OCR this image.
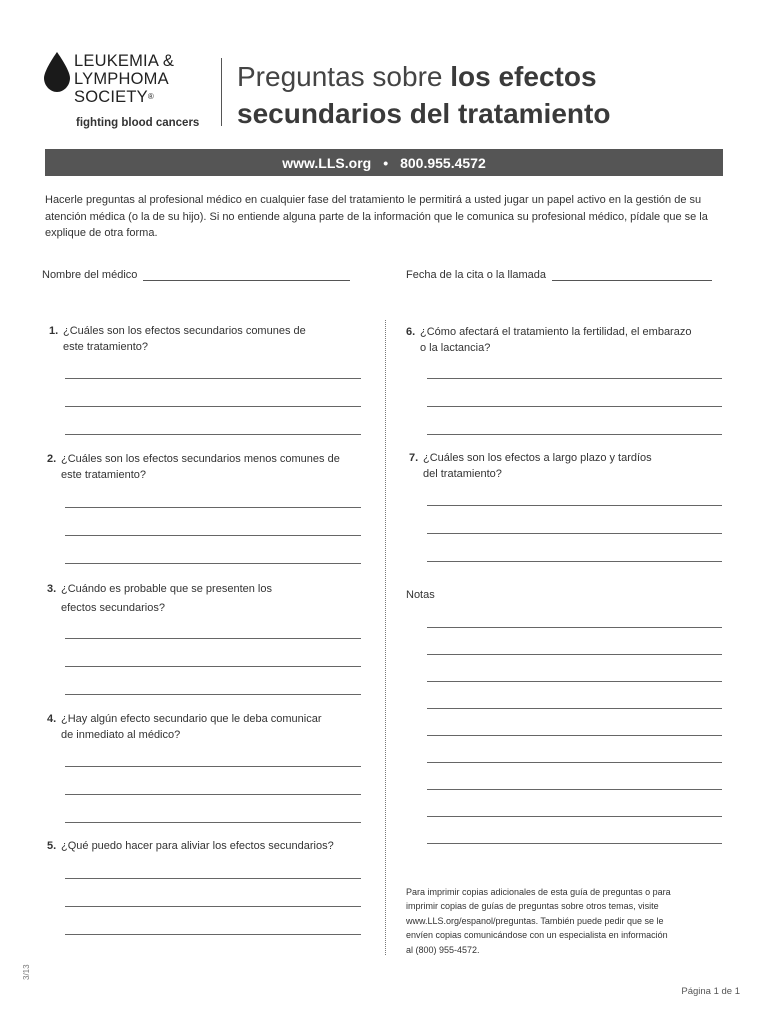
LEUKEMIA &
LYMPHOMA
SOCIETY®
fighting blood cancers
Preguntas sobre los efectos
secundarios del tratamiento
www.LLS.org • 800.955.4572

Hacerle preguntas al profesional médico en cualquier fase del tratamiento le permitirá a usted jugar un papel activo en la gestión de su atención médica (o la de su hijo). Si no entiende alguna parte de la información que le comunica su profesional médico, pídale que se la explique de otra forma.

Nombre del médico	Fecha de la cita o la llamada
1. ¿Cuáles son los efectos secundarios comunes de
este tratamiento?
2. ¿Cuáles son los efectos secundarios menos comunes de
este tratamiento?
3. ¿Cuándo es probable que se presenten los
efectos secundarios?
4. ¿Hay algún efecto secundario que le deba comunicar
de inmediato al médico?
5. ¿Qué puedo hacer para aliviar los efectos secundarios?
6. ¿Cómo afectará el tratamiento la fertilidad, el embarazo
o la lactancia?
7. ¿Cuáles son los efectos a largo plazo y tardíos
del tratamiento?
Notas
Para imprimir copias adicionales de esta guía de preguntas o para
imprimir copias de guías de preguntas sobre otros temas, visite
www.LLS.org/espanol/preguntas. También puede pedir que se le
envíen copias comunicándose con un especialista en información
al (800) 955-4572.
3/13
Página 1 de 1
